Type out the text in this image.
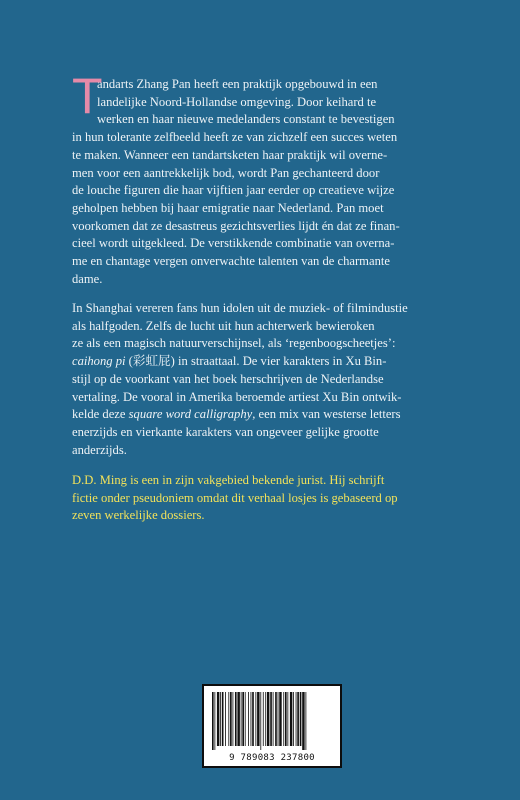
T
andarts Zhang Pan heeft een praktijk opgebouwd in een

landelijke Noord-Hollandse omgeving. Door keihard te

werken en haar nieuwe medelanders constant te bevestigen

in hun tolerante zelfbeeld heeft ze van zichzelf een succes weten

te maken. Wanneer een tandartsketen haar praktijk wil overne-

men voor een aantrekkelijk bod, wordt Pan gechanteerd door

de louche figuren die haar vijftien jaar eerder op creatieve wijze

geholpen hebben bij haar emigratie naar Nederland. Pan moet

voorkomen dat ze desastreus gezichtsverlies lijdt én dat ze finan-

cieel wordt uitgekleed. De verstikkende combinatie van overna-

me en chantage vergen onverwachte talenten van de charmante

dame.

In Shanghai vereren fans hun idolen uit de muziek- of filmindustie

als halfgoden. Zelfs de lucht uit hun achterwerk bewieroken

ze als een magisch natuurverschijnsel, als ‘regenboogscheetjes’:

caihong pi (彩虹屁) in straattaal. De vier karakters in Xu Bin-

stijl op de voorkant van het boek herschrijven de Nederlandse

vertaling. De vooral in Amerika beroemde artiest Xu Bin ontwik-

kelde deze square word calligraphy, een mix van westerse letters

enerzijds en vierkante karakters van ongeveer gelijke grootte

anderzijds.

D.D. Ming is een in zijn vakgebied bekende jurist. Hij schrijft

fictie onder pseudoniem omdat dit verhaal losjes is gebaseerd op

zeven werkelijke dossiers.

9 789083 237800
